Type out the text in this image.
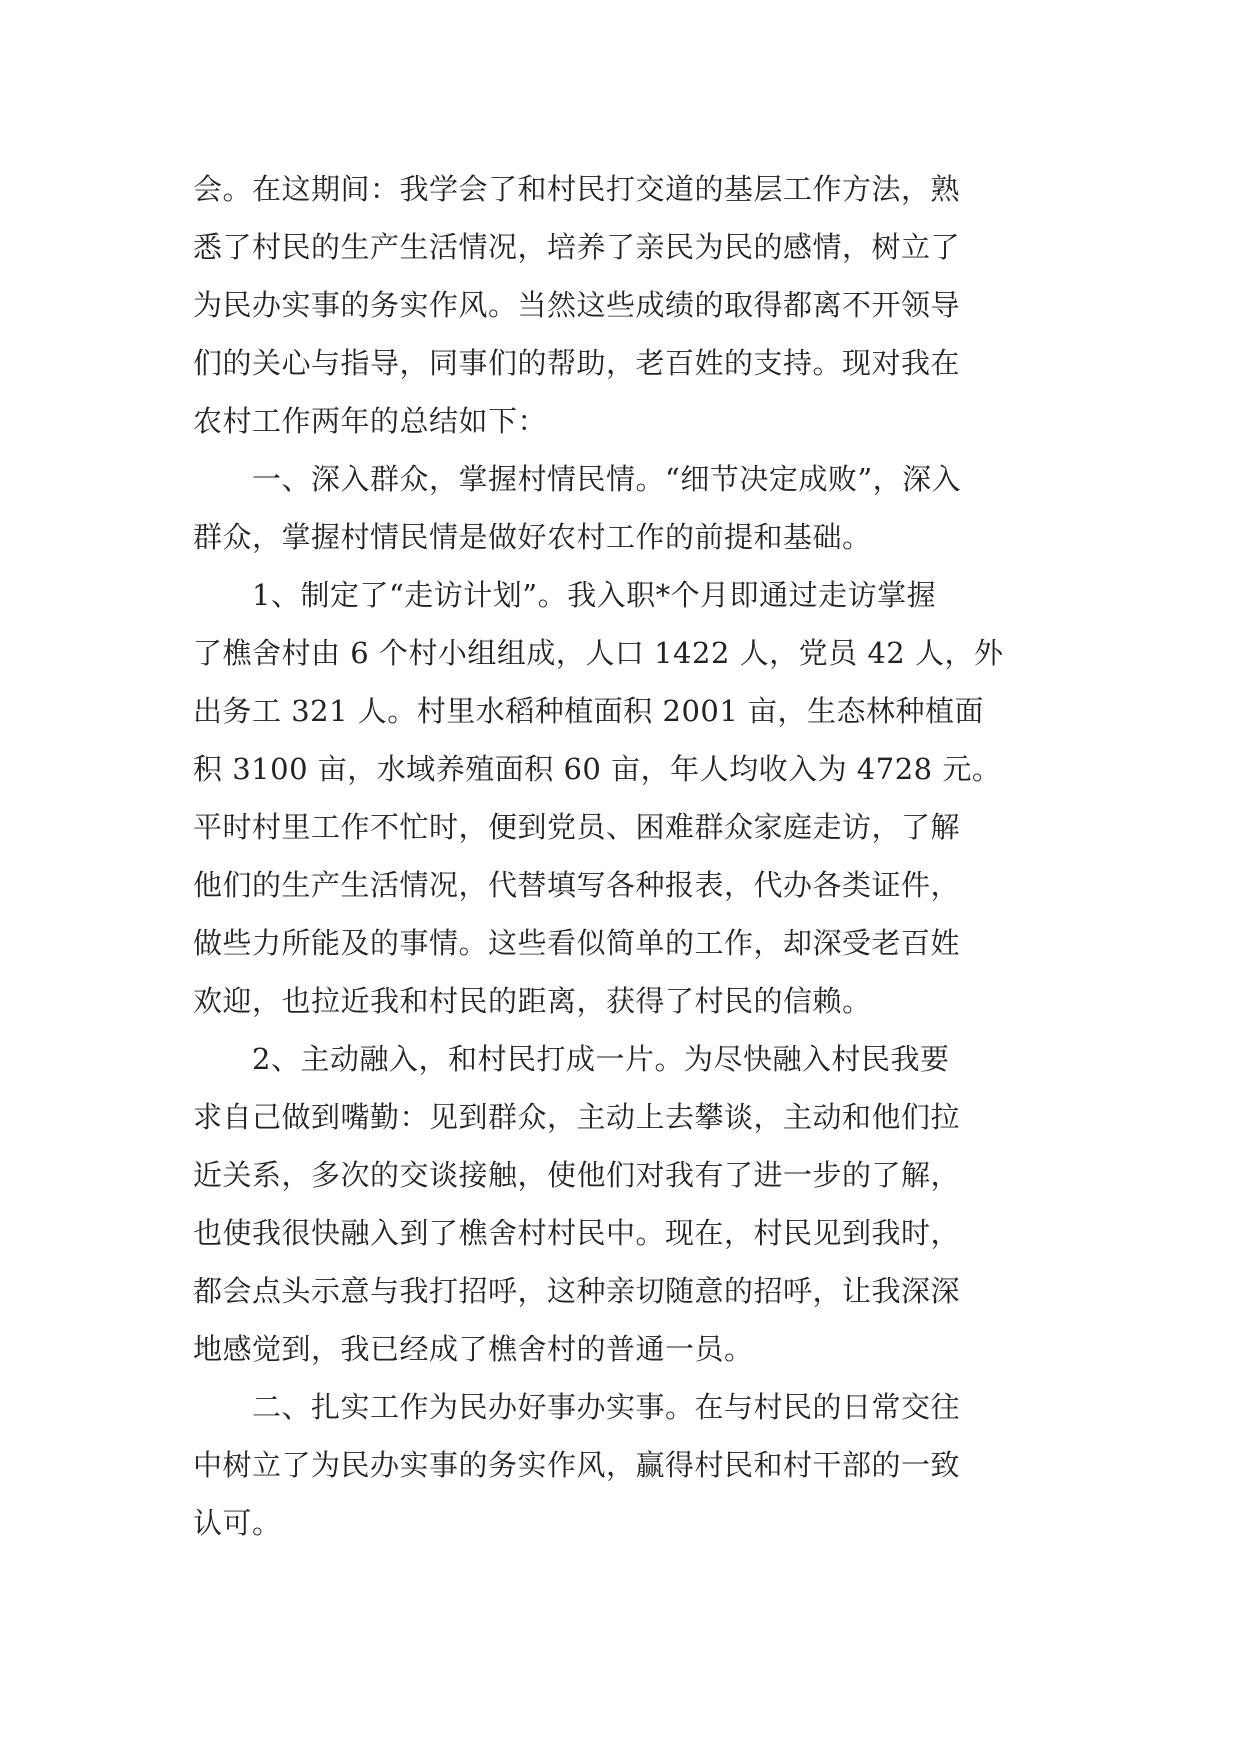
会。在这期间：我学会了和村民打交道的基层工作方法，熟
悉了村民的生产生活情况，培养了亲民为民的感情，树立了
为民办实事的务实作风。当然这些成绩的取得都离不开领导
们的关心与指导，同事们的帮助，老百姓的支持。现对我在
农村工作两年的总结如下：
一、深入群众，掌握村情民情。“细节决定成败”，深入
群众，掌握村情民情是做好农村工作的前提和基础。
1、制定了“走访计划”。我入职*个月即通过走访掌握
了樵舍村由 6 个村小组组成，人口 1422 人，党员 42 人，外
出务工 321 人。村里水稻种植面积 2001 亩，生态林种植面
积 3100 亩，水域养殖面积 60 亩，年人均收入为 4728 元。
平时村里工作不忙时，便到党员、困难群众家庭走访，了解
他们的生产生活情况，代替填写各种报表，代办各类证件，
做些力所能及的事情。这些看似简单的工作，却深受老百姓
欢迎，也拉近我和村民的距离，获得了村民的信赖。
2、主动融入，和村民打成一片。为尽快融入村民我要
求自己做到嘴勤：见到群众，主动上去攀谈，主动和他们拉
近关系，多次的交谈接触，使他们对我有了进一步的了解，
也使我很快融入到了樵舍村村民中。现在，村民见到我时，
都会点头示意与我打招呼，这种亲切随意的招呼，让我深深
地感觉到，我已经成了樵舍村的普通一员。
二、扎实工作为民办好事办实事。在与村民的日常交往
中树立了为民办实事的务实作风，赢得村民和村干部的一致
认可。
